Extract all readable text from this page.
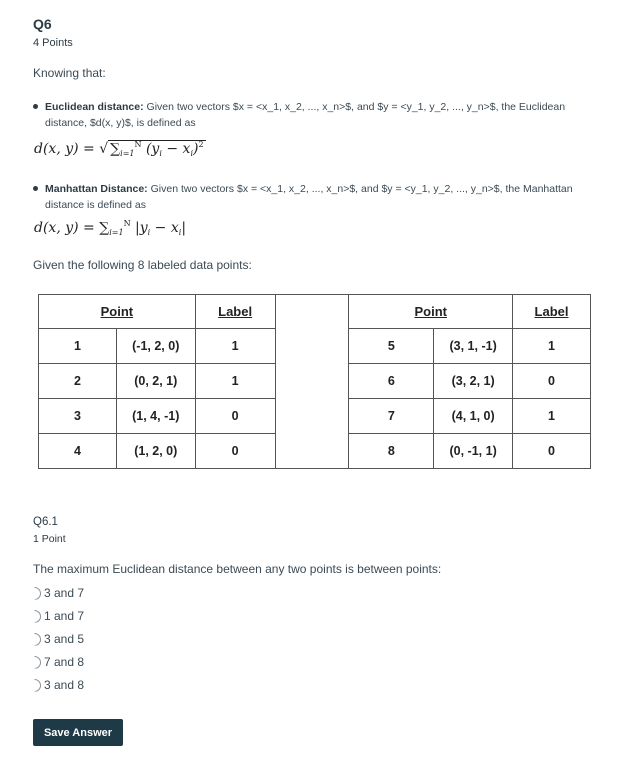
Q6
4 Points
Knowing that:
Euclidean distance: Given two vectors $x = <x_1, x_2, ..., x_n>$, and $y = <y_1, y_2, ..., y_n>$, the Euclidean distance, $d(x, y)$, is defined as
d(x, y) = √ $\sum_{i=1}^N$ $(y_i - x_i)^2$
Manhattan Distance: Given two vectors $x = <x_1, x_2, ..., x_n>$, and $y = <y_1, y_2, ..., y_n>$, the Manhattan distance is defined as
d(x, $y) = \sum_{i=1}^N$ $|y_i - x_i|$
Given the following 8 labeled data points:
Point		Label		Point		Label
1	(-1, 2, 0)	1		5	(3, 1, -1)	1
2	(0, 2, 1)	1		6	(3, 2, 1)	0
3	(1, 4, -1)	0		7	(4, 1, 0)	1
4	(1, 2, 0)	0		8	(0, -1, 1)	0
Q6.1
1 Point
The maximum Euclidean distance between any two points is between points:
3 and 7
1 and 7
3 and 5
7 and 8
3 and 8
Save Answer
